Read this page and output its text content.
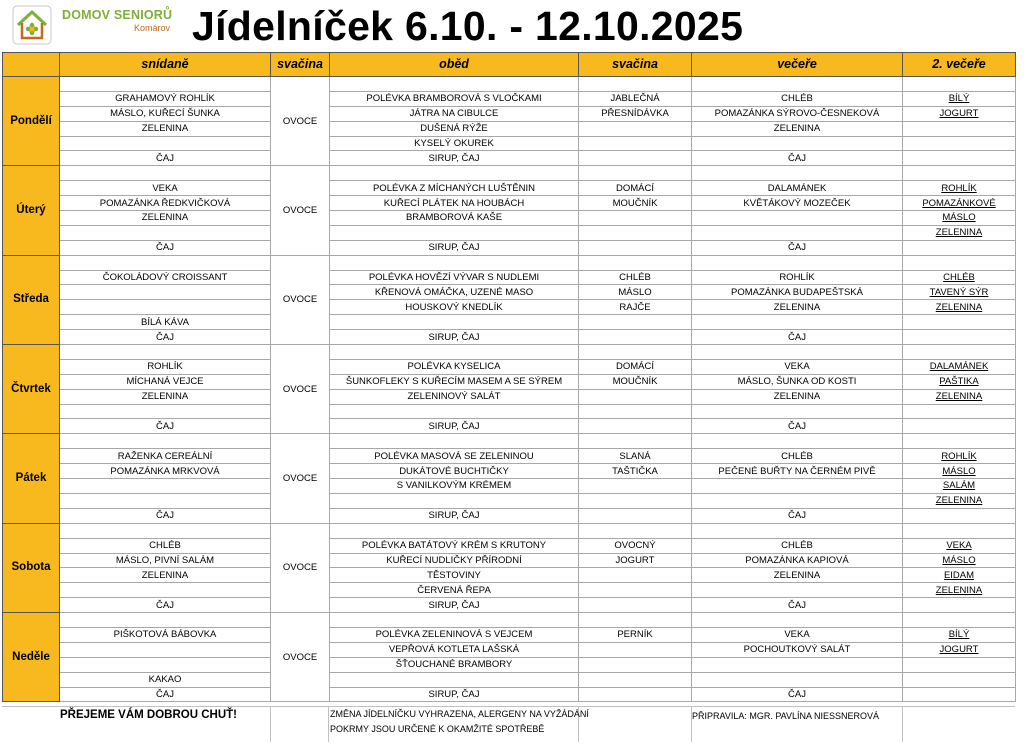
DOMOV SENIORŮ
Komárov Jídelníček 6.10. - 12.10.2025
	snídaně	svačina	oběd	svačina	večeře	2. večeře
Pondělí		OVOCE				
	GRAHAMOVÝ ROHLÍK		POLÉVKA BRAMBOROVÁ S VLOČKAMI	JABLEČNÁ	CHLÉB	BÍLÝ
	MÁSLO, KUŘECÍ ŠUNKA		JÁTRA NA CIBULCE	PŘESNÍDÁVKA	POMAZÁNKA SÝROVO-ČESNEKOVÁ	JOGURT
	ZELENINA		DUŠENÁ RÝŽE		ZELENINA	
			KYSELÝ OKUREK			
	ČAJ		SIRUP, ČAJ		ČAJ	
Úterý		OVOCE				
	VEKA		POLÉVKA Z MÍCHANÝCH LUŠTĚNIN	DOMÁCÍ	DALAMÁNEK	ROHLÍK
	POMAZÁNKA ŘEDKVIČKOVÁ		KUŘECÍ PLÁTEK NA HOUBÁCH	MOUČNÍK	KVĚTÁKOVÝ MOZEČEK	POMAZÁNKOVÉ
	ZELENINA		BRAMBOROVÁ KAŠE			MÁSLO
						ZELENINA
	ČAJ		SIRUP, ČAJ		ČAJ	
Středa		OVOCE				
	ČOKOLÁDOVÝ CROISSANT		POLÉVKA HOVĚZÍ VÝVAR S NUDLEMI	CHLÉB	ROHLÍK	CHLÉB
			KŘENOVÁ OMÁČKA, UZENÉ MASO	MÁSLO	POMAZÁNKA BUDAPEŠTSKÁ	TAVENÝ SÝR
			HOUSKOVÝ KNEDLÍK	RAJČE	ZELENINA	ZELENINA
	BÍLÁ KÁVA					
	ČAJ		SIRUP, ČAJ		ČAJ	
Čtvrtek		OVOCE				
	ROHLÍK		POLÉVKA KYSELICA	DOMÁCÍ	VEKA	DALAMÁNEK
	MÍCHANÁ VEJCE		ŠUNKOFLEKY S KUŘECÍM MASEM A SE SÝREM	MOUČNÍK	MÁSLO, ŠUNKA OD KOSTI	PAŠTIKA
	ZELENINA		ZELENINOVÝ SALÁT		ZELENINA	ZELENINA

	ČAJ		SIRUP, ČAJ		ČAJ	
Pátek		OVOCE				
	RAŽENKA CEREÁLNÍ		POLÉVKA MASOVÁ SE ZELENINOU	SLANÁ	CHLÉB	ROHLÍK
	POMAZÁNKA MRKVOVÁ		DUKÁTOVÉ BUCHTIČKY	TAŠTIČKA	PEČENÉ BUŘTY NA ČERNÉM PIVĚ	MÁSLO
			S VANILKOVÝM KRÉMEM			SALÁM
						ZELENINA
	ČAJ		SIRUP, ČAJ		ČAJ	
Sobota		OVOCE				
	CHLÉB		POLÉVKA BATÁTOVÝ KRÉM S KRUTONY	OVOCNÝ	CHLÉB	VEKA
	MÁSLO, PIVNÍ SALÁM		KUŘECÍ NUDLIČKY PŘÍRODNÍ	JOGURT	POMAZÁNKA KAPIOVÁ	MÁSLO
	ZELENINA		TĚSTOVINY		ZELENINA	EIDAM
			ČERVENÁ ŘEPA			ZELENINA
	ČAJ		SIRUP, ČAJ		ČAJ	
Neděle		OVOCE				
	PIŠKOTOVÁ BÁBOVKA		POLÉVKA ZELENINOVÁ S VEJCEM	PERNÍK	VEKA	BÍLÝ
			VEPŘOVÁ KOTLETA LAŠSKÁ		POCHOUTKOVÝ SALÁT	JOGURT
			ŠŤOUCHANÉ BRAMBORY			
	KAKAO					
	ČAJ		SIRUP, ČAJ		ČAJ	
PŘEJEME VÁM DOBROU CHUŤ!	ZMĚNA JÍDELNÍČKU VYHRAZENA, ALERGENY NA VYŽÁDÁNÍ
POKRMY JSOU URČENÉ K OKAMŽITÉ SPOTŘEBĚ
PŘIPRAVILA: MGR. PAVLÍNA NIESSNEROVÁ
